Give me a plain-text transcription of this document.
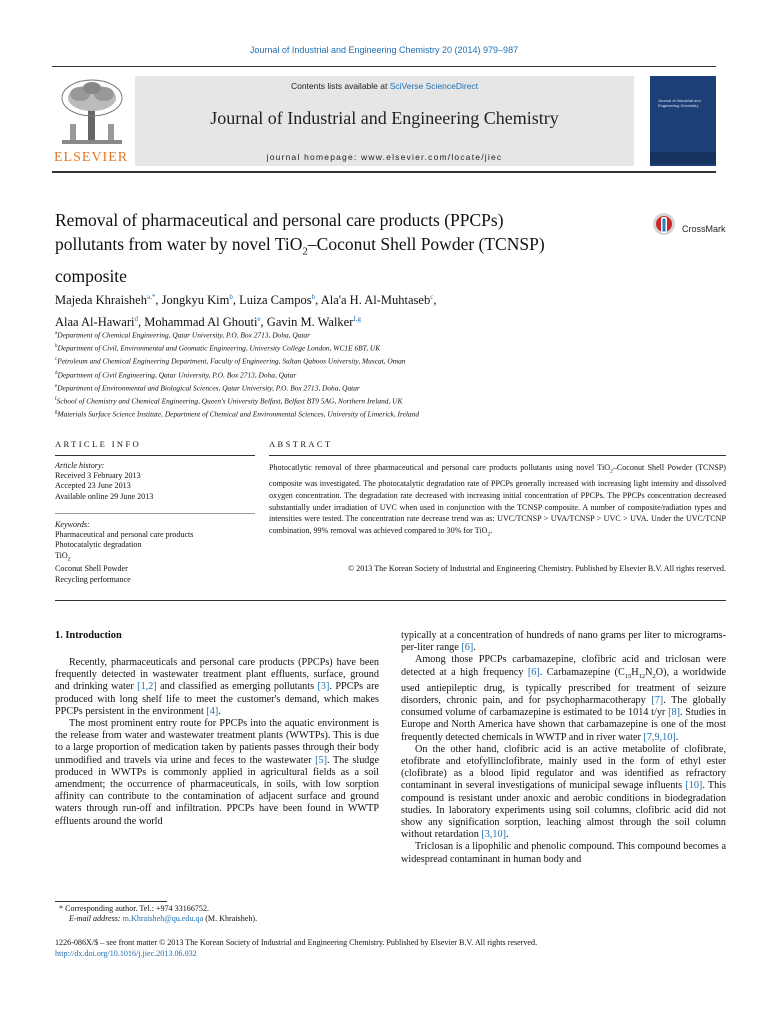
Journal of Industrial and Engineering Chemistry 20 (2014) 979–987
ELSEVIER
Contents lists available at SciVerse ScienceDirect
Journal of Industrial and Engineering Chemistry
journal homepage: www.elsevier.com/locate/jiec
Journal of Industrial and Engineering Chemistry
Removal of pharmaceutical and personal care products (PPCPs)
pollutants from water by novel TiO$_2$–Coconut Shell Powder (TCNSP)
composite
CrossMark
Majeda Khraisheh$^{a,*}$, Jongkyu Kim$^b$, Luiza Campos$^b$, Ala'a H. Al-Muhtaseb$^c$,
Alaa Al-Hawari$^d$, Mohammad Al Ghouti$^e$, Gavin M. Walker$^{f,g}$
$^a$Department of Chemical Engineering, Qatar University, P.O. Box 2713, Doha, Qatar
$^b$Department of Civil, Environmental and Geomatic Engineering, University College London, WC1E 6BT, UK
$^c$Petroleum and Chemical Engineering Department, Faculty of Engineering, Sultan Qaboos University, Muscat, Oman
$^d$Department of Civil Engineering, Qatar University, P.O. Box 2713, Doha, Qatar
$^e$Department of Environmental and Biological Sciences, Qatar University, P.O. Box 2713, Doha, Qatar
$^f$School of Chemistry and Chemical Engineering, Queen's University Belfast, Belfast BT9 5AG, Northern Ireland, UK
$^g$Materials Surface Science Institute, Department of Chemical and Environmental Sciences, University of Limerick, Ireland
ARTICLE INFO
Article history:
Received 3 February 2013
Accepted 23 June 2013
Available online 29 June 2013
Keywords:
Pharmaceutical and personal care products
Photocatalytic degradation
TiO$_2$
Coconut Shell Powder
Recycling performance
ABSTRACT
Photocatlytic removal of three pharmaceutical and personal care products pollutants using novel TiO$_2$–Coconut Shell Powder (TCNSP) composite was investigated. The photocatalytic degradation rate of PPCPs generally increased with increasing light intensity and dissolved oxygen concentration. The degradation rate decreased with increasing initial concentration of PPCPs. The PPCPs concentration decreased substantially under irradiation of UVC when used in conjunction with the TCNSP composite. A number of composite/radiation types and intensities were tested. The concentration rate decrease trend was as: UVC/TCNSP > UVA/TCNSP > UVC > UVA. Under the UVC/TCNP combination, 99% removal was achieved compared to 30% for TiO$_2$.
© 2013 The Korean Society of Industrial and Engineering Chemistry. Published by Elsevier B.V. All rights reserved.
1. Introduction

Recently, pharmaceuticals and personal care products (PPCPs) have been frequently detected in wastewater treatment plant effluents, surface, ground and drinking water [1,2] and classified as emerging pollutants [3]. PPCPs are produced with long shelf life to meet the customer's demand, which makes PPCPs persistent in the environment [4].

The most prominent entry route for PPCPs into the aquatic environment is the release from water and wastewater treatment plants (WWTPs). This is due to a large proportion of medication taken by patients passes through their body unmodified and travels via urine and feces to the wastewater [5]. The sludge produced in WWTPs is commonly applied in agricultural fields as a soil amendment; the occurrence of pharmaceuticals, in soils, with low sorption affinity can contribute to the contamination of adjacent surface and ground waters through run-off and infiltration. PPCPs have been found in WWTP effluents around the world

typically at a concentration of hundreds of nano grams per liter to micrograms-per-liter range [6].

Among those PPCPs carbamazepine, clofibric acid and triclosan were detected at a high frequency [6]. Carbamazepine $(C_{15}H_{12}N_2O)$, a worldwide used antiepileptic drug, is typically prescribed for treatment of seizure disorders, chronic pain, and for psychopharmacotherapy [7]. The globally consumed volume of carbamazepine is estimated to be 1014 t/yr [8]. Studies in Europe and North America have shown that carbamazepine is one of the most frequently detected chemicals in WWTP and in river water [7,9,10].

On the other hand, clofibric acid is an active metabolite of clofibrate, etofibrate and etofyllinclofibrate, mainly used in the form of ethyl ester (clofibrate) as a blood lipid regulator and was identified as refractory contaminant in several investigations of municipal sewage influents [10]. This compound is resistant under anoxic and aerobic conditions in biodegradation studies. In laboratory experiments using soil columns, clofibric acid did not show any signification sorption, leaching almost through the soil column without retardation [3,10].

Triclosan is a lipophilic and phenolic compound. This compound becomes a widespread contaminant in human body and

* Corresponding author. Tel.: +974 33166752.
E-mail address: m.Khraisheh@qu.edu.qa (M. Khraisheh).
1226-086X/$ – see front matter © 2013 The Korean Society of Industrial and Engineering Chemistry. Published by Elsevier B.V. All rights reserved.
http://dx.doi.org/10.1016/j.jiec.2013.06.032
